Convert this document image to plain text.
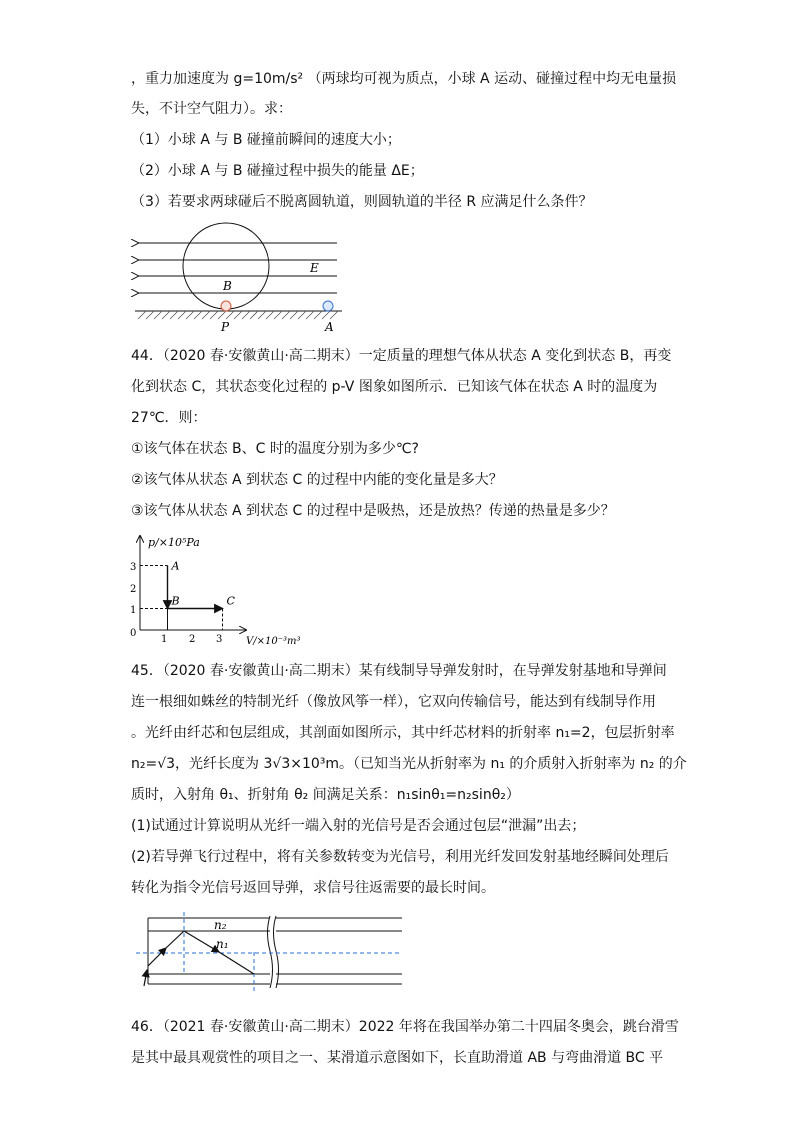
，重力加速度为 g=10m/s² （两球均可视为质点，小球 A 运动、碰撞过程中均无电量损
失，不计空气阻力）。求：
（1）小球 A 与 B 碰撞前瞬间的速度大小；
（2）小球 A 与 B 碰撞过程中损失的能量 ΔE；
（3）若要求两球碰后不脱离圆轨道，则圆轨道的半径 R 应满足什么条件？
E
B
P	A
44．（2020 春·安徽黄山·高二期末）一定质量的理想气体从状态 A 变化到状态 B，再变
化到状态 C，其状态变化过程的 p-V 图象如图所示．已知该气体在状态 A 时的温度为
27℃．则：
①该气体在状态 B、C 时的温度分别为多少℃?
②该气体从状态 A 到状态 C 的过程中内能的变化量是多大？
③该气体从状态 A 到状态 C 的过程中是吸热，还是放热？传递的热量是多少？
p/×10⁵Pa
V/×10⁻³m³
3
2
1
0
1 2 3
A
B	C
45．（2020 春·安徽黄山·高二期末）某有线制导导弹发射时，在导弹发射基地和导弹间
连一根细如蛛丝的特制光纤（像放风筝一样），它双向传输信号，能达到有线制导作用
。光纤由纤芯和包层组成，其剖面如图所示，其中纤芯材料的折射率 n₁=2，包层折射率
n₂=√3，光纤长度为 3√3×10³m。（已知当光从折射率为 n₁ 的介质射入折射率为 n₂ 的介
质时，入射角 θ₁、折射角 θ₂ 间满足关系：n₁sinθ₁=n₂sinθ₂）
(1)试通过计算说明从光纤一端入射的光信号是否会通过包层“泄漏”出去；
(2)若导弹飞行过程中，将有关参数转变为光信号，利用光纤发回发射基地经瞬间处理后
转化为指令光信号返回导弹，求信号往返需要的最长时间。
n₂
n₁
46．（2021 春·安徽黄山·高二期末）2022 年将在我国举办第二十四届冬奥会，跳台滑雪
是其中最具观赏性的项目之一、某滑道示意图如下，长直助滑道 AB 与弯曲滑道 BC 平
